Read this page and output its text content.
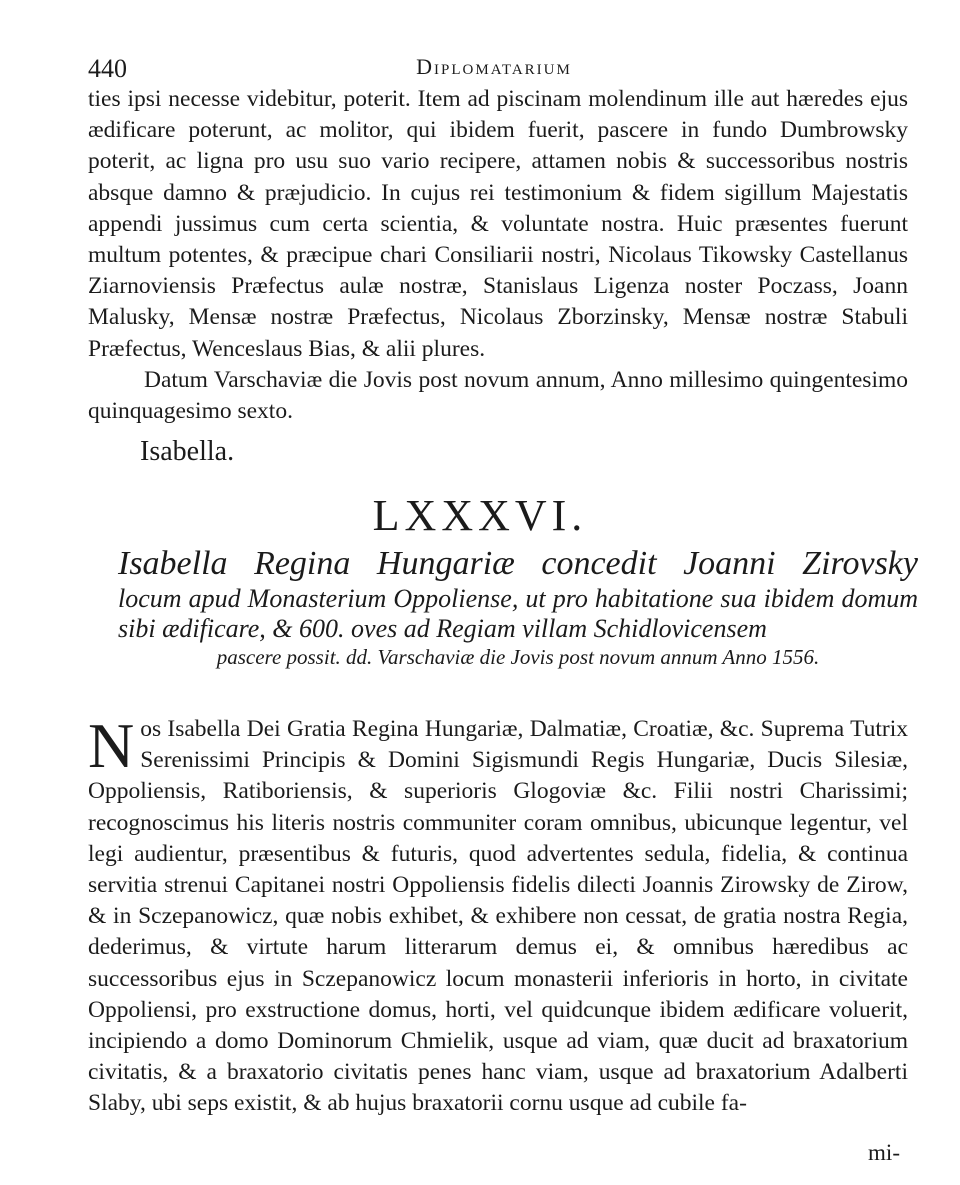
440	Diplomatarium

ties ipsi necesse videbitur, poterit. Item ad piscinam molendinum ille aut hæredes ejus ædificare poterunt, ac molitor, qui ibidem fuerit, pascere in fundo Dumbrowsky poterit, ac ligna pro usu suo vario recipere, attamen nobis & successoribus nostris absque damno & præjudicio. In cujus rei testimonium & fidem sigillum Majestatis appendi jussimus cum certa scientia, & voluntate nostra. Huic præsentes fuerunt multum potentes, & præcipue chari Consiliarii nostri, Nicolaus Tikowsky Castellanus Ziarnoviensis Præfectus aulæ nostræ, Stanislaus Ligenza noster Poczass, Joann Malusky, Mensæ nostræ Præfectus, Nicolaus Zborzinsky, Mensæ nostræ Stabuli Præfectus, Wenceslaus Bias, & alii plures.

Datum Varschaviæ die Jovis post novum annum, Anno millesimo quingentesimo quinquagesimo sexto.

Isabella.
LXXXVI.
Isabella Regina Hungariæ concedit Joanni Zirovsky
locum apud Monasterium Oppoliense, ut pro habitatione sua ibidem domum sibi ædificare, & 600. oves ad Regiam villam Schidlovicensem
pascere possit. dd. Varschaviæ die Jovis post novum annum Anno 1556.

Nos Isabella Dei Gratia Regina Hungariæ, Dalmatiæ, Croatiæ, &c. Suprema Tutrix Serenissimi Principis & Domini Sigismundi Regis Hungariæ, Ducis Silesiæ, Oppoliensis, Ratiboriensis, & superioris Glogoviæ &c. Filii nostri Charissimi; recognoscimus his literis nostris communiter coram omnibus, ubicunque legentur, vel legi audientur, præsentibus & futuris, quod advertentes sedula, fidelia, & continua servitia strenui Capitanei nostri Oppoliensis fidelis dilecti Joannis Zirowsky de Zirow, & in Sczepanowicz, quæ nobis exhibet, & exhibere non cessat, de gratia nostra Regia, dederimus, & virtute harum litterarum demus ei, & omnibus hæredibus ac successoribus ejus in Sczepanowicz locum monasterii inferioris in horto, in civitate Oppoliensi, pro exstructione domus, horti, vel quidcunque ibidem ædificare voluerit, incipiendo a domo Dominorum Chmielik, usque ad viam, quæ ducit ad braxatorium civitatis, & a braxatorio civitatis penes hanc viam, usque ad braxatorium Adalberti Slaby, ubi seps existit, & ab hujus braxatorii cornu usque ad cubile fa-

mi-
